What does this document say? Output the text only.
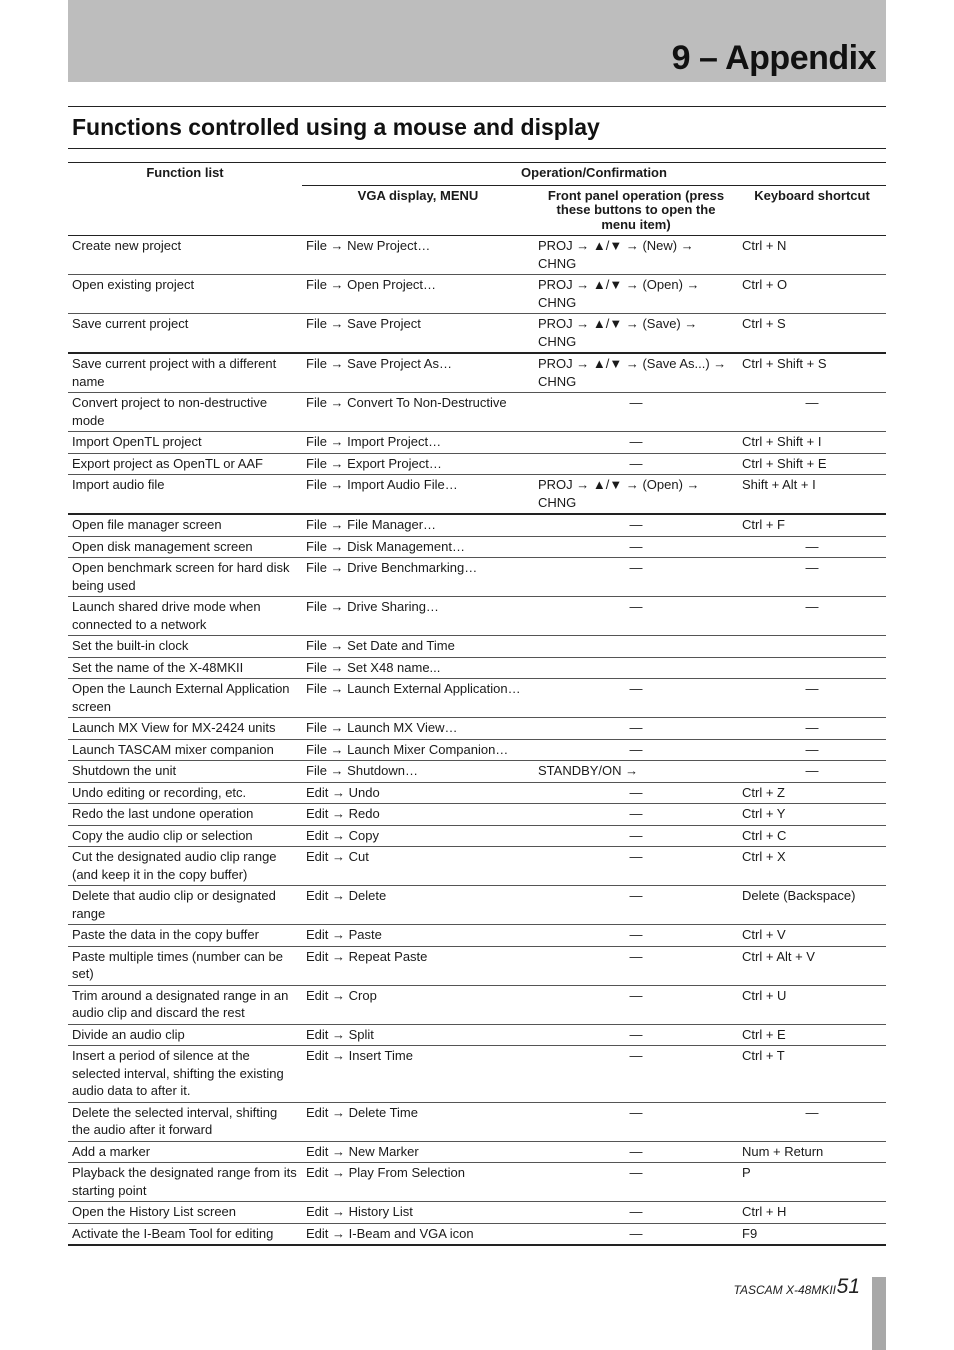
9 – Appendix
Functions controlled using a mouse and display
Function list	Operation/Confirmation		
	VGA display, MENU	Front panel operation (press these buttons to open the menu item)	Keyboard shortcut
Create new project	File → New Project…	PROJ → ▲/▼ → (New) → CHNG	Ctrl + N
Open existing project	File → Open Project…	PROJ → ▲/▼ → (Open) → CHNG	Ctrl + O
Save current project	File → Save Project	PROJ → ▲/▼ → (Save) → CHNG	Ctrl + S
Save current project with a different name	File → Save Project As…	PROJ → ▲/▼ → (Save As...) → CHNG	Ctrl + Shift + S
Convert project to non-destructive mode	File → Convert To Non-Destructive	—	—
Import OpenTL project	File → Import Project…	—	Ctrl + Shift + I
Export project as OpenTL or AAF	File → Export Project…	—	Ctrl + Shift + E
Import audio file	File → Import Audio File…	PROJ → ▲/▼ → (Open) → CHNG	Shift + Alt + I
Open file manager screen	File → File Manager…	—	Ctrl + F
Open disk management screen	File → Disk Management…	—	—
Open benchmark screen for hard disk being used	File → Drive Benchmarking…	—	—
Launch shared drive mode when connected to a network	File → Drive Sharing…	—	—
Set the built-in clock	File → Set Date and Time		
Set the name of the X-48MKII	File → Set X48 name...		
Open the Launch External Application screen	File → Launch External Application…	—	—
Launch MX View for MX-2424 units	File → Launch MX View…	—	—
Launch TASCAM mixer companion	File → Launch Mixer Companion…	—	—
Shutdown the unit	File → Shutdown…	STANDBY/ON →	—
Undo editing or recording, etc.	Edit → Undo	—	Ctrl + Z
Redo the last undone operation	Edit → Redo	—	Ctrl + Y
Copy the audio clip or selection	Edit → Copy	—	Ctrl + C
Cut the designated audio clip range (and keep it in the copy buffer)	Edit → Cut	—	Ctrl + X
Delete that audio clip or designated range	Edit → Delete	—	Delete (Backspace)
Paste the data in the copy buffer	Edit → Paste	—	Ctrl + V
Paste multiple times (number can be set)	Edit → Repeat Paste	—	Ctrl + Alt + V
Trim around a designated range in an audio clip and discard the rest	Edit → Crop	—	Ctrl + U
Divide an audio clip	Edit → Split	—	Ctrl + E
Insert a period of silence at the selected interval, shifting the existing audio data to after it.	Edit → Insert Time	—	Ctrl + T
Delete the selected interval, shifting the audio after it forward	Edit → Delete Time	—	—
Add a marker	Edit → New Marker	—	Num + Return
Playback the designated range from its starting point	Edit → Play From Selection	—	P
Open the History List screen	Edit → History List	—	Ctrl + H
Activate the I-Beam Tool for editing	Edit → I-Beam and VGA icon	—	F9
TASCAM X-48MKII 51
